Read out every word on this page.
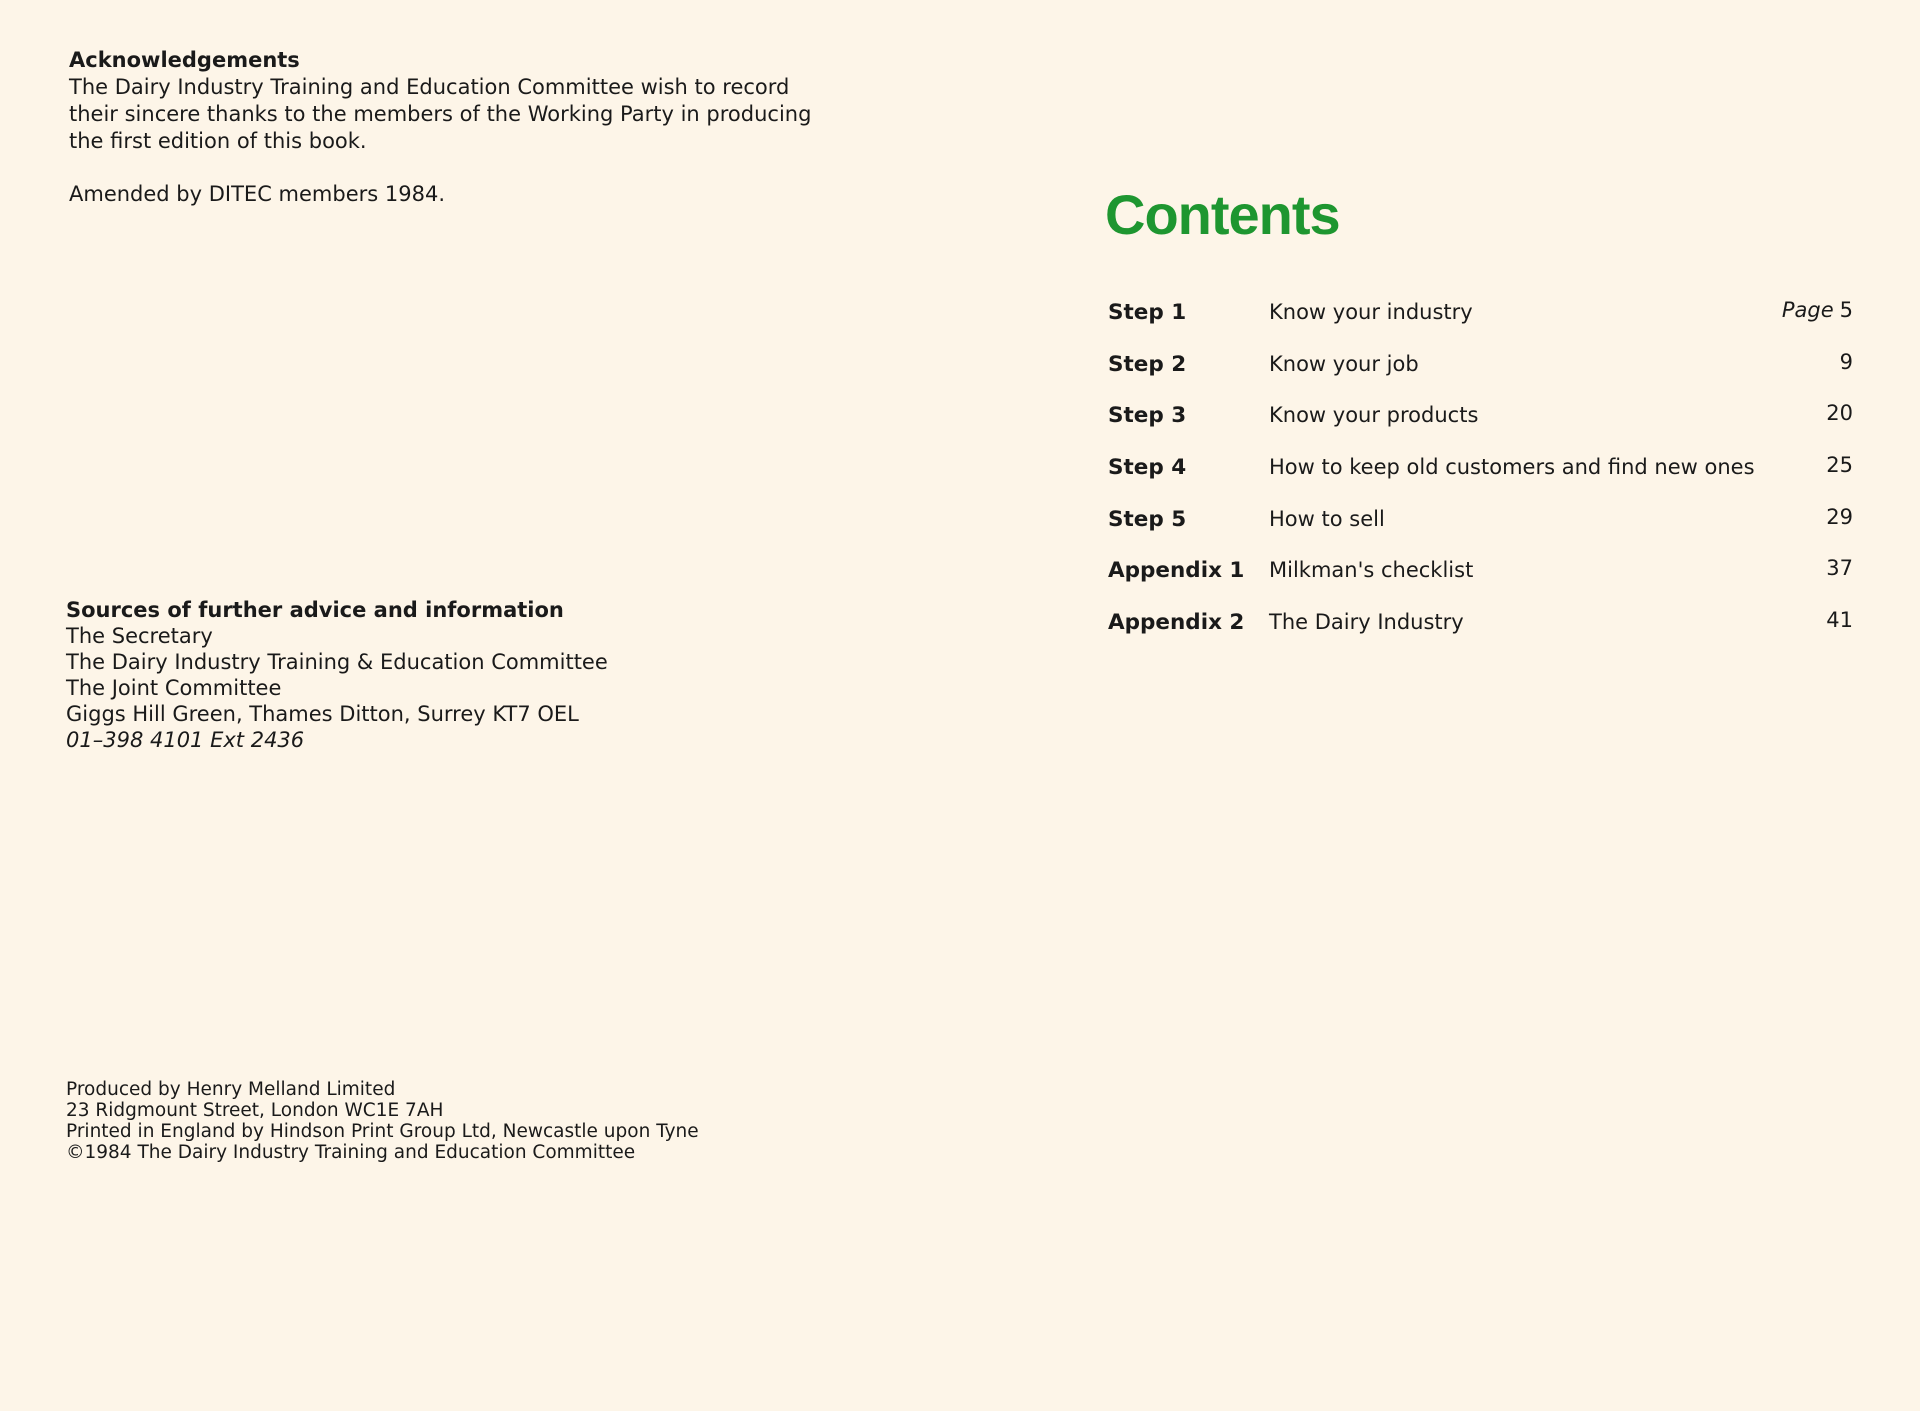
Acknowledgements
The Dairy Industry Training and Education Committee wish to record
their sincere thanks to the members of the Working Party in producing
the first edition of this book.
Amended by DITEC members 1984.
Sources of further advice and information
The Secretary
The Dairy Industry Training & Education Committee
The Joint Committee
Giggs Hill Green, Thames Ditton, Surrey KT7 OEL
01–398 4101 Ext 2436
Produced by Henry Melland Limited
23 Ridgmount Street, London WC1E 7AH
Printed in England by Hindson Print Group Ltd, Newcastle upon Tyne
©1984 The Dairy Industry Training and Education Committee
Contents
Step 1	Know your industry	Page 5
Step 2	Know your job	9
Step 3	Know your products	20
Step 4	How to keep old customers and find new ones	25
Step 5	How to sell	29
Appendix 1 Milkman's checklist	37
Appendix 2 The Dairy Industry	41
